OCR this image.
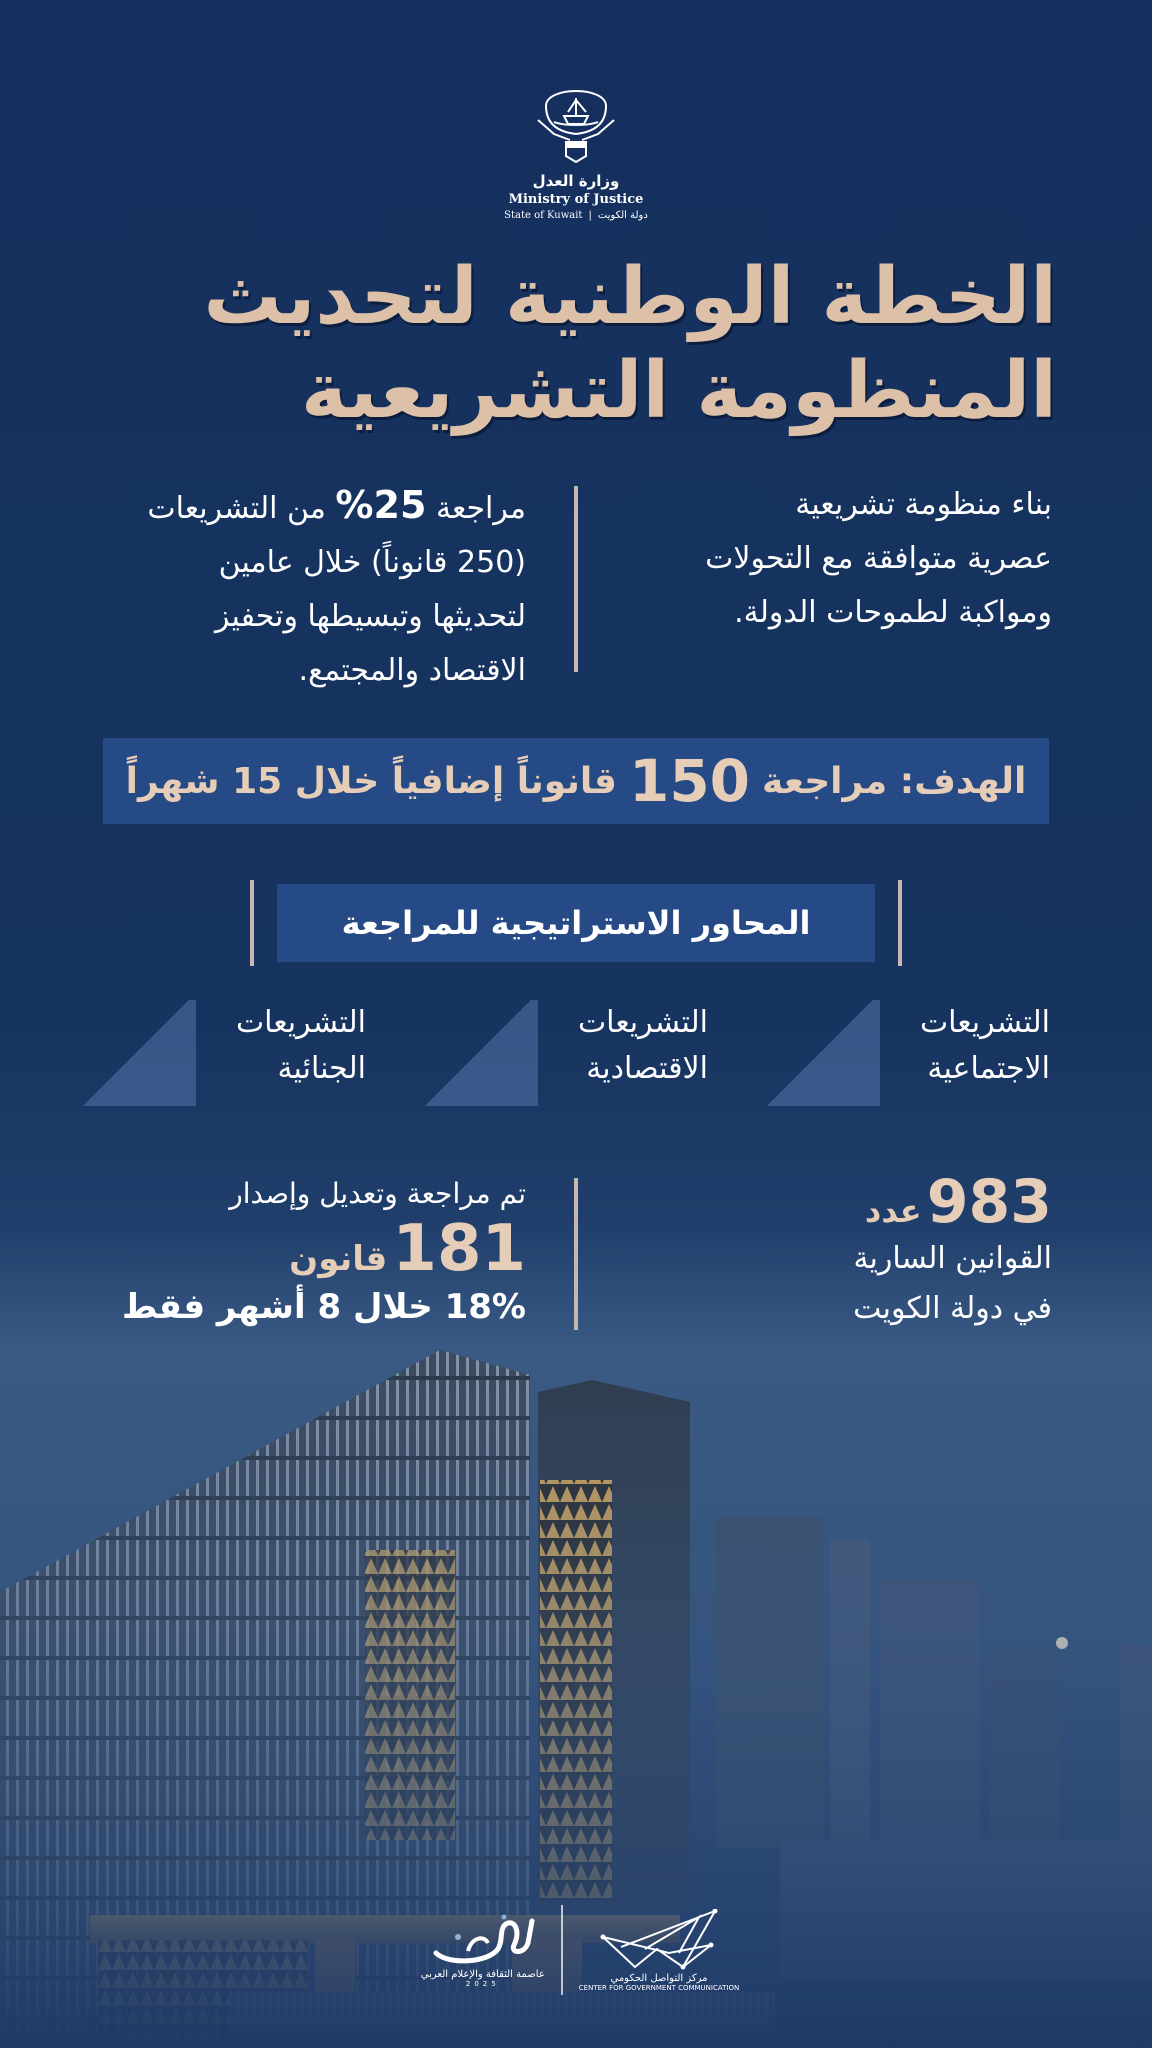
وزارة العدل
Ministry of Justice
State of Kuwait | دولة الكويت
الخطة الوطنية لتحديث
المنظومة التشريعية
بناء منظومة تشريعية
عصرية متوافقة مع التحولات
ومواكبة لطموحات الدولة.
مراجعة 25% من التشريعات
(250 قانوناً) خلال عامين
لتحديثها وتبسيطها وتحفيز
الاقتصاد والمجتمع.
الهدف: مراجعة
150
قانوناً إضافياً خلال 15 شهراً
المحاور الاستراتيجية للمراجعة
التشريعات
الاجتماعية
التشريعات
الاقتصادية
التشريعات
الجنائية
983 عدد
القوانين السارية
في دولة الكويت
تم مراجعة وتعديل وإصدار
181 قانون
18% خلال 8 أشهر فقط
عاصمة الثقافة والإعلام العربي
2025	مركز التواصل الحكومي
CENTER FOR GOVERNMENT COMMUNICATION
